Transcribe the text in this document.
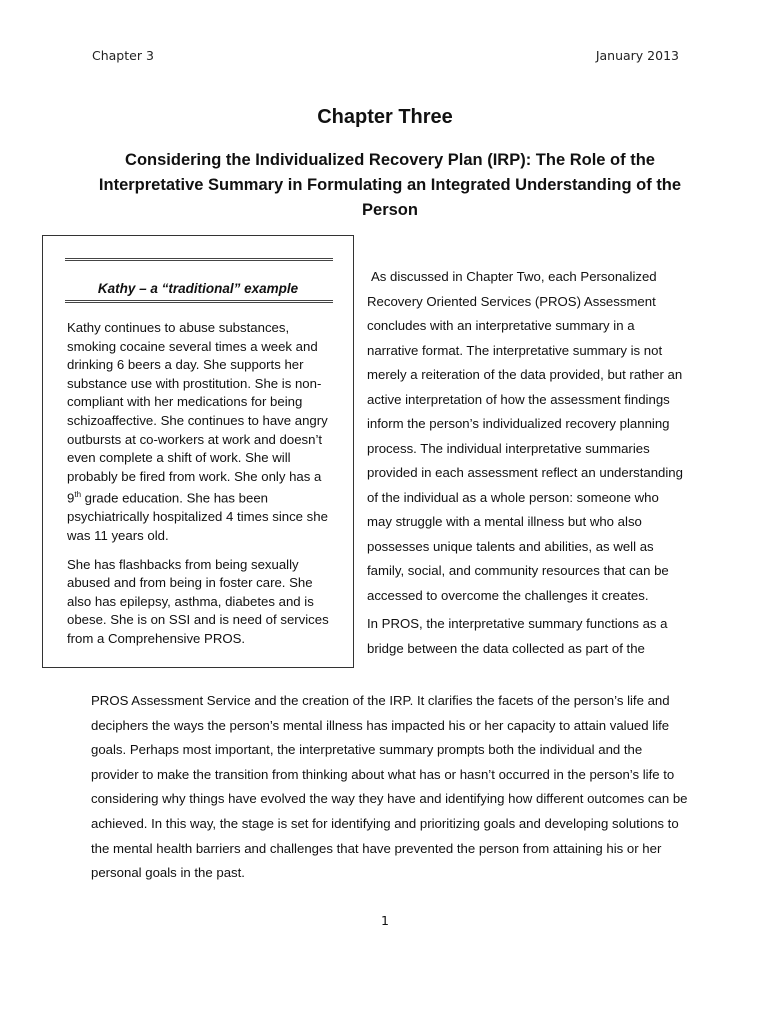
Chapter 3	January 2013
Chapter Three
Considering the Individualized Recovery Plan (IRP): The Role of the Interpretative Summary in Formulating an Integrated Understanding of the Person
Kathy – a “traditional” example

Kathy continues to abuse substances, smoking cocaine several times a week and drinking 6 beers a day. She supports her substance use with prostitution. She is non-compliant with her medications for being schizoaffective. She continues to have angry outbursts at co-workers at work and doesn’t even complete a shift of work. She will probably be fired from work. She only has a 9th grade education. She has been psychiatrically hospitalized 4 times since she was 11 years old.

She has flashbacks from being sexually abused and from being in foster care. She also has epilepsy, asthma, diabetes and is obese. She is on SSI and is need of services from a Comprehensive PROS.

As discussed in Chapter Two, each Personalized Recovery Oriented Services (PROS) Assessment concludes with an interpretative summary in a narrative format. The interpretative summary is not merely a reiteration of the data provided, but rather an active interpretation of how the assessment findings inform the person’s individualized recovery planning process. The individual interpretative summaries provided in each assessment reflect an understanding of the individual as a whole person: someone who may struggle with a mental illness but who also possesses unique talents and abilities, as well as family, social, and community resources that can be accessed to overcome the challenges it creates.

In PROS, the interpretative summary functions as a bridge between the data collected as part of the

PROS Assessment Service and the creation of the IRP. It clarifies the facets of the person’s life and deciphers the ways the person’s mental illness has impacted his or her capacity to attain valued life goals. Perhaps most important, the interpretative summary prompts both the individual and the provider to make the transition from thinking about what has or hasn’t occurred in the person’s life to considering why things have evolved the way they have and identifying how different outcomes can be achieved. In this way, the stage is set for identifying and prioritizing goals and developing solutions to the mental health barriers and challenges that have prevented the person from attaining his or her personal goals in the past.

1
